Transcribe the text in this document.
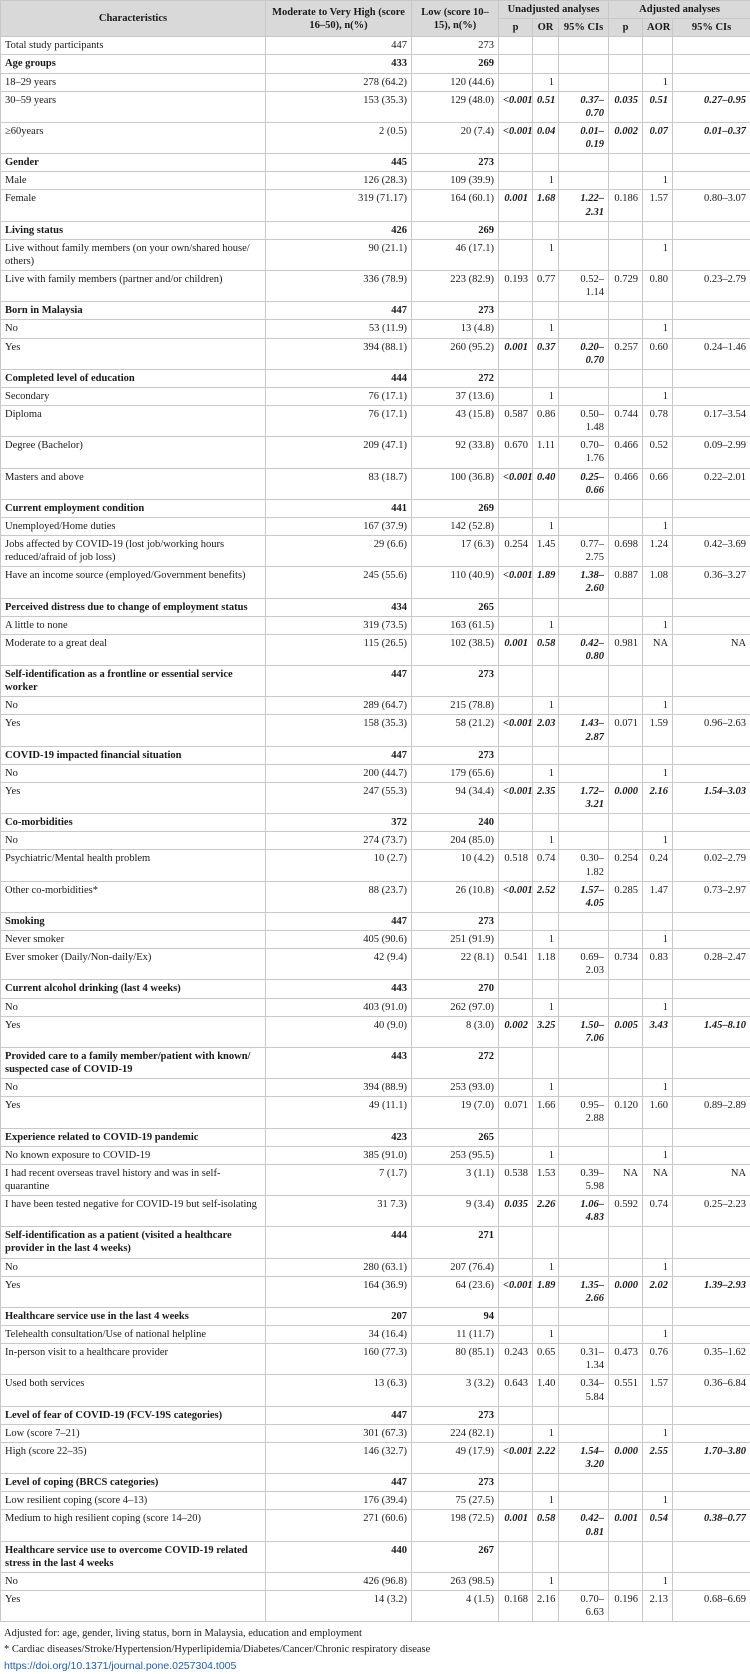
Characteristics	Moderate to Very High (score 16–50), n(%)	Low (score 10–15), n(%)	Unadjusted analyses			Adjusted analyses		
			p	OR	95% CIs	p	AOR	95% CIs
Total study participants	447	273						
Age groups	433	269						
18–29 years	278 (64.2)	120 (44.6)		1			1	
30–59 years	153 (35.3)	129 (48.0)	<0.001	0.51	0.37–0.70	0.035	0.51	0.27–0.95
≥60years	2 (0.5)	20 (7.4)	<0.001	0.04	0.01–0.19	0.002	0.07	0.01–0.37
Gender	445	273						
Male	126 (28.3)	109 (39.9)		1			1	
Female	319 (71.17)	164 (60.1)	0.001	1.68	1.22–2.31	0.186	1.57	0.80–3.07
Living status	426	269						
Live without family members (on your own/shared house/ others)	90 (21.1)	46 (17.1)		1			1	
Live with family members (partner and/or children)	336 (78.9)	223 (82.9)	0.193	0.77	0.52–1.14	0.729	0.80	0.23–2.79
Born in Malaysia	447	273						
No	53 (11.9)	13 (4.8)		1			1	
Yes	394 (88.1)	260 (95.2)	0.001	0.37	0.20–0.70	0.257	0.60	0.24–1.46
Completed level of education	444	272						
Secondary	76 (17.1)	37 (13.6)		1			1	
Diploma	76 (17.1)	43 (15.8)	0.587	0.86	0.50–1.48	0.744	0.78	0.17–3.54
Degree (Bachelor)	209 (47.1)	92 (33.8)	0.670	1.11	0.70–1.76	0.466	0.52	0.09–2.99
Masters and above	83 (18.7)	100 (36.8)	<0.001	0.40	0.25–0.66	0.466	0.66	0.22–2.01
Current employment condition	441	269						
Unemployed/Home duties	167 (37.9)	142 (52.8)		1			1	
Jobs affected by COVID-19 (lost job/working hours reduced/afraid of job loss)	29 (6.6)	17 (6.3)	0.254	1.45	0.77–2.75	0.698	1.24	0.42–3.69
Have an income source (employed/Government benefits)	245 (55.6)	110 (40.9)	<0.001	1.89	1.38–2.60	0.887	1.08	0.36–3.27
Perceived distress due to change of employment status	434	265						
A little to none	319 (73.5)	163 (61.5)		1			1	
Moderate to a great deal	115 (26.5)	102 (38.5)	0.001	0.58	0.42–0.80	0.981	NA	NA
Self-identification as a frontline or essential service worker	447	273						
No	289 (64.7)	215 (78.8)		1			1	
Yes	158 (35.3)	58 (21.2)	<0.001	2.03	1.43–2.87	0.071	1.59	0.96–2.63
COVID-19 impacted financial situation	447	273						
No	200 (44.7)	179 (65.6)		1			1	
Yes	247 (55.3)	94 (34.4)	<0.001	2.35	1.72–3.21	0.000	2.16	1.54–3.03
Co-morbidities	372	240						
No	274 (73.7)	204 (85.0)		1			1	
Psychiatric/Mental health problem	10 (2.7)	10 (4.2)	0.518	0.74	0.30–1.82	0.254	0.24	0.02–2.79
Other co-morbidities*	88 (23.7)	26 (10.8)	<0.001	2.52	1.57–4.05	0.285	1.47	0.73–2.97
Smoking	447	273						
Never smoker	405 (90.6)	251 (91.9)		1			1	
Ever smoker (Daily/Non-daily/Ex)	42 (9.4)	22 (8.1)	0.541	1.18	0.69–2.03	0.734	0.83	0.28–2.47
Current alcohol drinking (last 4 weeks)	443	270						
No	403 (91.0)	262 (97.0)		1			1	
Yes	40 (9.0)	8 (3.0)	0.002	3.25	1.50–7.06	0.005	3.43	1.45–8.10
Provided care to a family member/patient with known/ suspected case of COVID-19	443	272						
No	394 (88.9)	253 (93.0)		1			1	
Yes	49 (11.1)	19 (7.0)	0.071	1.66	0.95–2.88	0.120	1.60	0.89–2.89
Experience related to COVID-19 pandemic	423	265						
No known exposure to COVID-19	385 (91.0)	253 (95.5)		1			1	
I had recent overseas travel history and was in self-quarantine	7 (1.7)	3 (1.1)	0.538	1.53	0.39–5.98	NA	NA	NA
I have been tested negative for COVID-19 but self-isolating	31 7.3)	9 (3.4)	0.035	2.26	1.06–4.83	0.592	0.74	0.25–2.23
Self-identification as a patient (visited a healthcare provider in the last 4 weeks)	444	271						
No	280 (63.1)	207 (76.4)		1			1	
Yes	164 (36.9)	64 (23.6)	<0.001	1.89	1.35–2.66	0.000	2.02	1.39–2.93
Healthcare service use in the last 4 weeks	207	94						
Telehealth consultation/Use of national helpline	34 (16.4)	11 (11.7)		1			1	
In-person visit to a healthcare provider	160 (77.3)	80 (85.1)	0.243	0.65	0.31–1.34	0.473	0.76	0.35–1.62
Used both services	13 (6.3)	3 (3.2)	0.643	1.40	0.34–5.84	0.551	1.57	0.36–6.84
Level of fear of COVID-19 (FCV-19S categories)	447	273						
Low (score 7–21)	301 (67.3)	224 (82.1)		1			1	
High (score 22–35)	146 (32.7)	49 (17.9)	<0.001	2.22	1.54–3.20	0.000	2.55	1.70–3.80
Level of coping (BRCS categories)	447	273						
Low resilient coping (score 4–13)	176 (39.4)	75 (27.5)		1			1	
Medium to high resilient coping (score 14–20)	271 (60.6)	198 (72.5)	0.001	0.58	0.42–0.81	0.001	0.54	0.38–0.77
Healthcare service use to overcome COVID-19 related stress in the last 4 weeks	440	267						
No	426 (96.8)	263 (98.5)		1			1	
Yes	14 (3.2)	4 (1.5)	0.168	2.16	0.70–6.63	0.196	2.13	0.68–6.69
Adjusted for: age, gender, living status, born in Malaysia, education and employment
* Cardiac diseases/Stroke/Hypertension/Hyperlipidemia/Diabetes/Cancer/Chronic respiratory disease
https://doi.org/10.1371/journal.pone.0257304.t005
